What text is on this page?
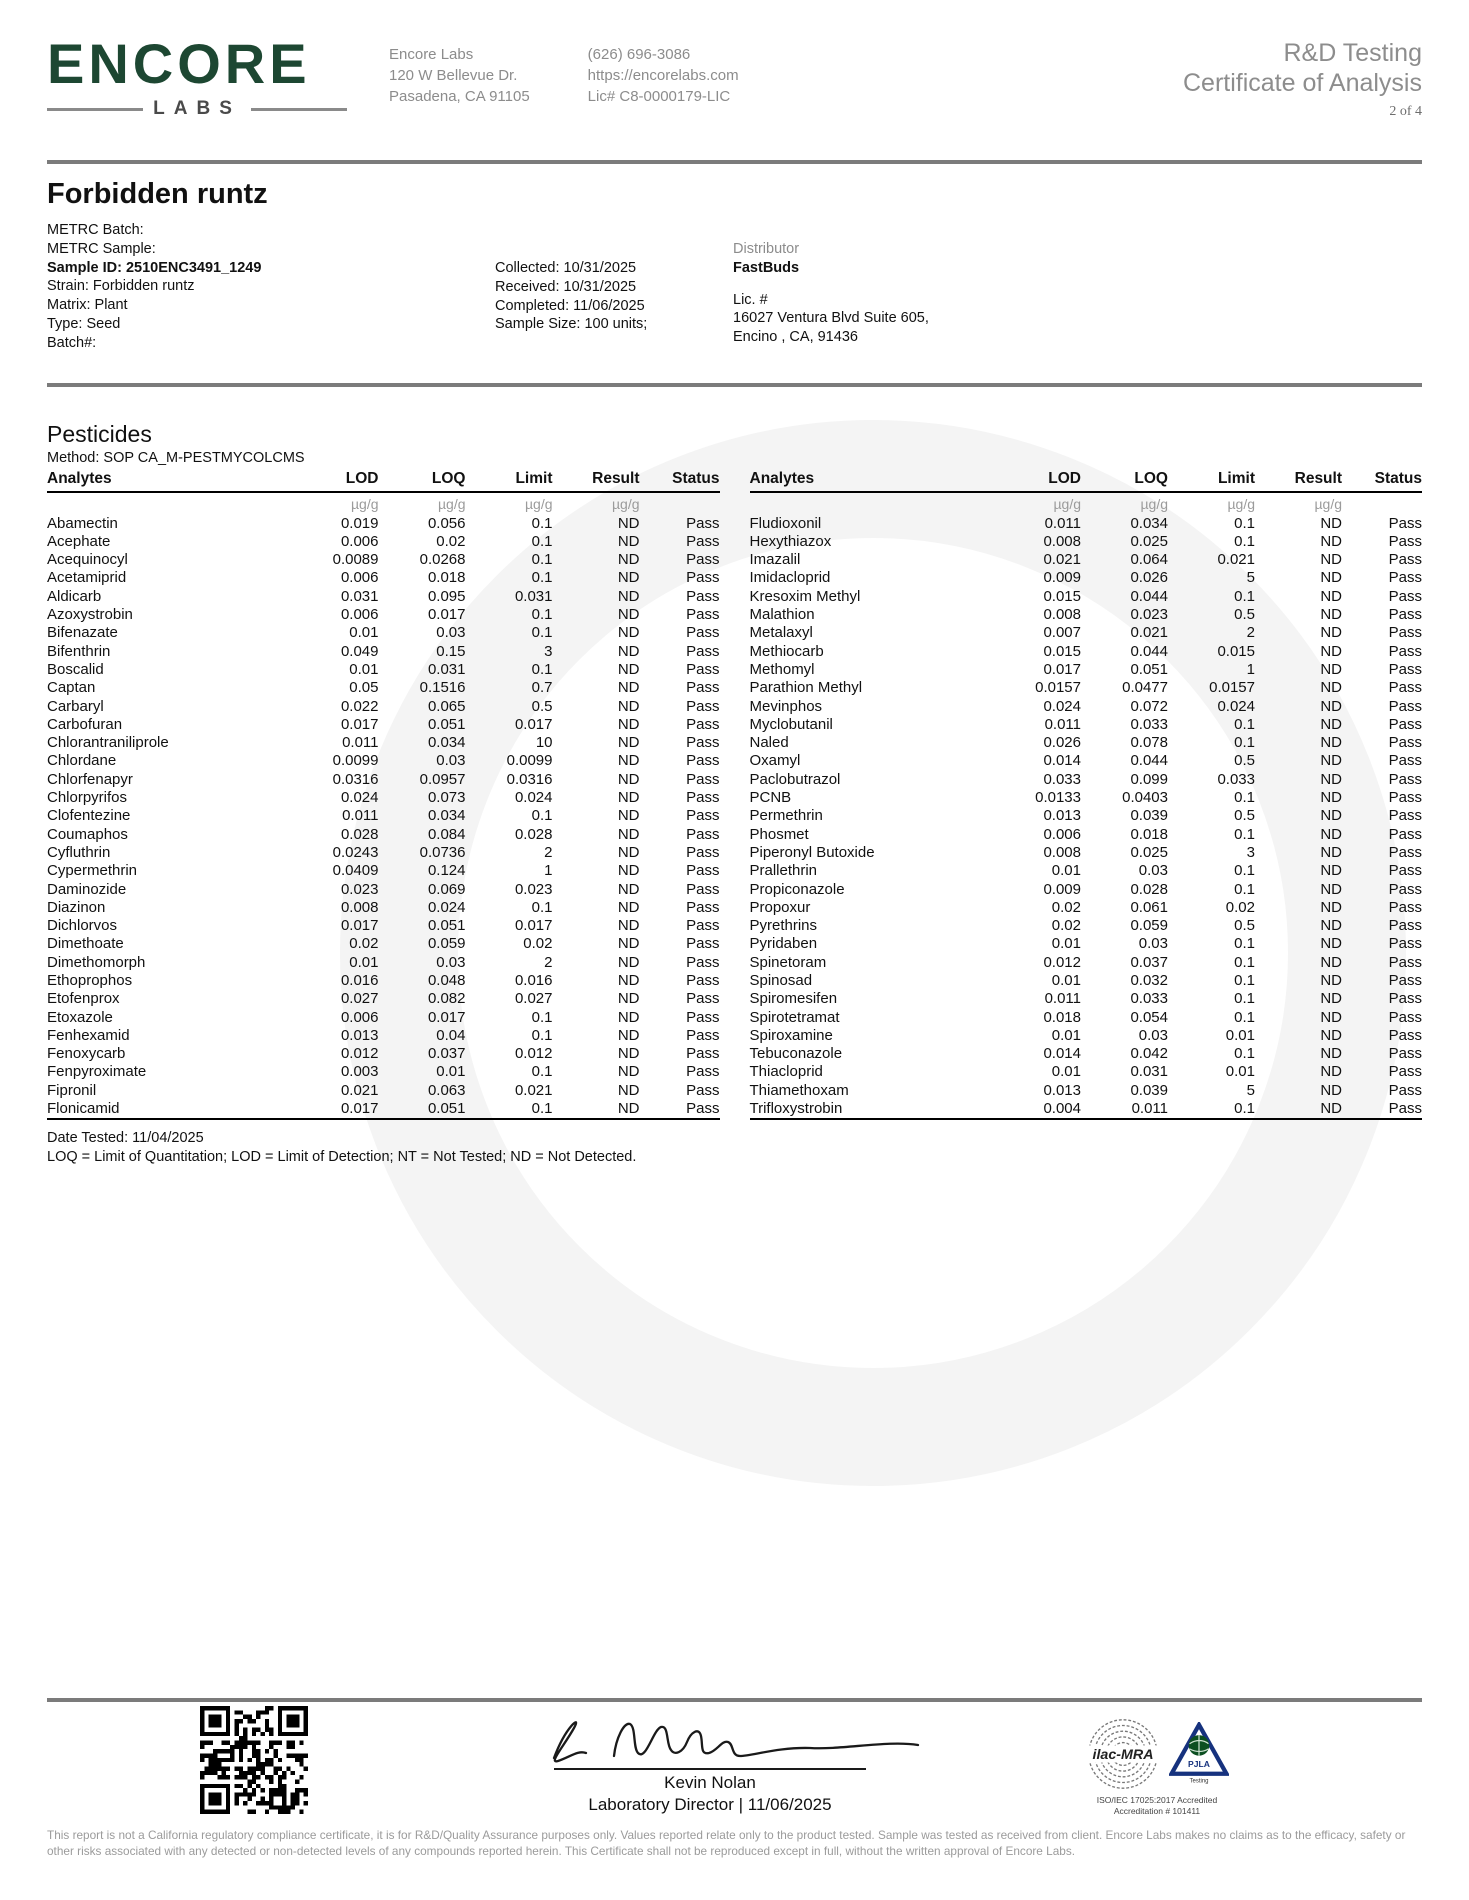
ENCORE
LABS
Encore Labs
120 W Bellevue Dr.
Pasadena, CA 91105
(626) 696-3086
https://encorelabs.com
Lic# C8-0000179-LIC
R&D Testing
Certificate of Analysis
2 of 4
Forbidden runtz
METRC Batch:
METRC Sample:
Sample ID: 2510ENC3491_1249
Strain: Forbidden runtz
Matrix: Plant
Type: Seed
Batch#:
Collected: 10/31/2025
Received: 10/31/2025
Completed: 11/06/2025
Sample Size: 100 units;
Distributor
FastBuds
Lic. #
16027 Ventura Blvd Suite 605,
Encino , CA, 91436
Pesticides
Method: SOP CA_M-PESTMYCOLCMS
Analytes	LOD	LOQ	Limit	Result	Status
	µg/g	µg/g	µg/g	µg/g	
Abamectin	0.019	0.056	0.1	ND	Pass
Acephate	0.006	0.02	0.1	ND	Pass
Acequinocyl	0.0089	0.0268	0.1	ND	Pass
Acetamiprid	0.006	0.018	0.1	ND	Pass
Aldicarb	0.031	0.095	0.031	ND	Pass
Azoxystrobin	0.006	0.017	0.1	ND	Pass
Bifenazate	0.01	0.03	0.1	ND	Pass
Bifenthrin	0.049	0.15	3	ND	Pass
Boscalid	0.01	0.031	0.1	ND	Pass
Captan	0.05	0.1516	0.7	ND	Pass
Carbaryl	0.022	0.065	0.5	ND	Pass
Carbofuran	0.017	0.051	0.017	ND	Pass
Chlorantraniliprole	0.011	0.034	10	ND	Pass
Chlordane	0.0099	0.03	0.0099	ND	Pass
Chlorfenapyr	0.0316	0.0957	0.0316	ND	Pass
Chlorpyrifos	0.024	0.073	0.024	ND	Pass
Clofentezine	0.011	0.034	0.1	ND	Pass
Coumaphos	0.028	0.084	0.028	ND	Pass
Cyfluthrin	0.0243	0.0736	2	ND	Pass
Cypermethrin	0.0409	0.124	1	ND	Pass
Daminozide	0.023	0.069	0.023	ND	Pass
Diazinon	0.008	0.024	0.1	ND	Pass
Dichlorvos	0.017	0.051	0.017	ND	Pass
Dimethoate	0.02	0.059	0.02	ND	Pass
Dimethomorph	0.01	0.03	2	ND	Pass
Ethoprophos	0.016	0.048	0.016	ND	Pass
Etofenprox	0.027	0.082	0.027	ND	Pass
Etoxazole	0.006	0.017	0.1	ND	Pass
Fenhexamid	0.013	0.04	0.1	ND	Pass
Fenoxycarb	0.012	0.037	0.012	ND	Pass
Fenpyroximate	0.003	0.01	0.1	ND	Pass
Fipronil	0.021	0.063	0.021	ND	Pass
Flonicamid	0.017	0.051	0.1	ND	Pass
Analytes	LOD	LOQ	Limit	Result	Status
	µg/g	µg/g	µg/g	µg/g	
Fludioxonil	0.011	0.034	0.1	ND	Pass
Hexythiazox	0.008	0.025	0.1	ND	Pass
Imazalil	0.021	0.064	0.021	ND	Pass
Imidacloprid	0.009	0.026	5	ND	Pass
Kresoxim Methyl	0.015	0.044	0.1	ND	Pass
Malathion	0.008	0.023	0.5	ND	Pass
Metalaxyl	0.007	0.021	2	ND	Pass
Methiocarb	0.015	0.044	0.015	ND	Pass
Methomyl	0.017	0.051	1	ND	Pass
Parathion Methyl	0.0157	0.0477	0.0157	ND	Pass
Mevinphos	0.024	0.072	0.024	ND	Pass
Myclobutanil	0.011	0.033	0.1	ND	Pass
Naled	0.026	0.078	0.1	ND	Pass
Oxamyl	0.014	0.044	0.5	ND	Pass
Paclobutrazol	0.033	0.099	0.033	ND	Pass
PCNB	0.0133	0.0403	0.1	ND	Pass
Permethrin	0.013	0.039	0.5	ND	Pass
Phosmet	0.006	0.018	0.1	ND	Pass
Piperonyl Butoxide	0.008	0.025	3	ND	Pass
Prallethrin	0.01	0.03	0.1	ND	Pass
Propiconazole	0.009	0.028	0.1	ND	Pass
Propoxur	0.02	0.061	0.02	ND	Pass
Pyrethrins	0.02	0.059	0.5	ND	Pass
Pyridaben	0.01	0.03	0.1	ND	Pass
Spinetoram	0.012	0.037	0.1	ND	Pass
Spinosad	0.01	0.032	0.1	ND	Pass
Spiromesifen	0.011	0.033	0.1	ND	Pass
Spirotetramat	0.018	0.054	0.1	ND	Pass
Spiroxamine	0.01	0.03	0.01	ND	Pass
Tebuconazole	0.014	0.042	0.1	ND	Pass
Thiacloprid	0.01	0.031	0.01	ND	Pass
Thiamethoxam	0.013	0.039	5	ND	Pass
Trifloxystrobin	0.004	0.011	0.1	ND	Pass
Date Tested: 11/04/2025
LOQ = Limit of Quantitation; LOD = Limit of Detection; NT = Not Tested; ND = Not Detected.
Kevin Nolan
Laboratory Director | 11/06/2025
ilac-MRA
PJLA
Testing
ISO/IEC 17025:2017 Accredited
Accreditation # 101411
This report is not a California regulatory compliance certificate, it is for R&D/Quality Assurance purposes only. Values reported relate only to the product tested. Sample was tested as received from client. Encore Labs makes no claims as to the efficacy, safety or other risks associated with any detected or non-detected levels of any compounds reported herein. This Certificate shall not be reproduced except in full, without the written approval of Encore Labs.
